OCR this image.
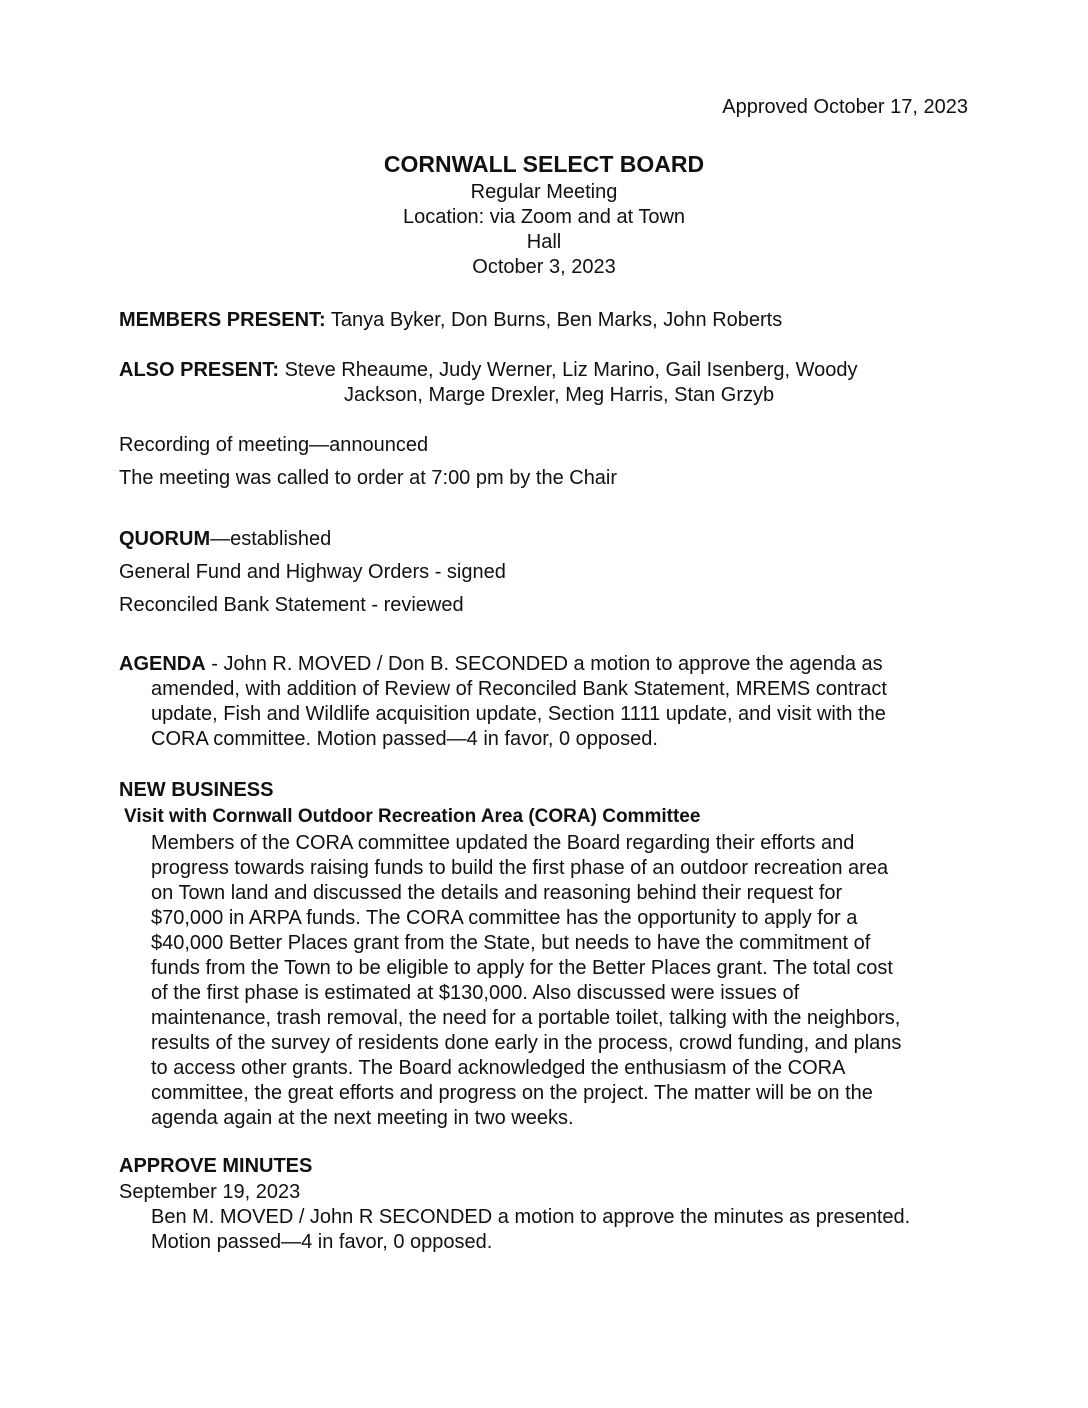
Approved October 17, 2023
CORNWALL SELECT BOARD
Regular Meeting
Location: via Zoom and at Town
Hall
October 3, 2023
MEMBERS PRESENT: Tanya Byker, Don Burns, Ben Marks, John Roberts
ALSO PRESENT: Steve Rheaume, Judy Werner, Liz Marino, Gail Isenberg, Woody
Jackson, Marge Drexler, Meg Harris, Stan Grzyb
Recording of meeting—announced
The meeting was called to order at 7:00 pm by the Chair
QUORUM—established
General Fund and Highway Orders - signed
Reconciled Bank Statement - reviewed
AGENDA - John R. MOVED / Don B. SECONDED a motion to approve the agenda as
amended, with addition of Review of Reconciled Bank Statement, MREMS contract
update, Fish and Wildlife acquisition update, Section 1111 update, and visit with the
CORA committee. Motion passed—4 in favor, 0 opposed.
NEW BUSINESS
Visit with Cornwall Outdoor Recreation Area (CORA) Committee
Members of the CORA committee updated the Board regarding their efforts and
progress towards raising funds to build the first phase of an outdoor recreation area
on Town land and discussed the details and reasoning behind their request for
$70,000 in ARPA funds. The CORA committee has the opportunity to apply for a
$40,000 Better Places grant from the State, but needs to have the commitment of
funds from the Town to be eligible to apply for the Better Places grant. The total cost
of the first phase is estimated at $130,000. Also discussed were issues of
maintenance, trash removal, the need for a portable toilet, talking with the neighbors,
results of the survey of residents done early in the process, crowd funding, and plans
to access other grants. The Board acknowledged the enthusiasm of the CORA
committee, the great efforts and progress on the project. The matter will be on the
agenda again at the next meeting in two weeks.
APPROVE MINUTES
September 19, 2023
Ben M. MOVED / John R SECONDED a motion to approve the minutes as presented.
Motion passed—4 in favor, 0 opposed.
